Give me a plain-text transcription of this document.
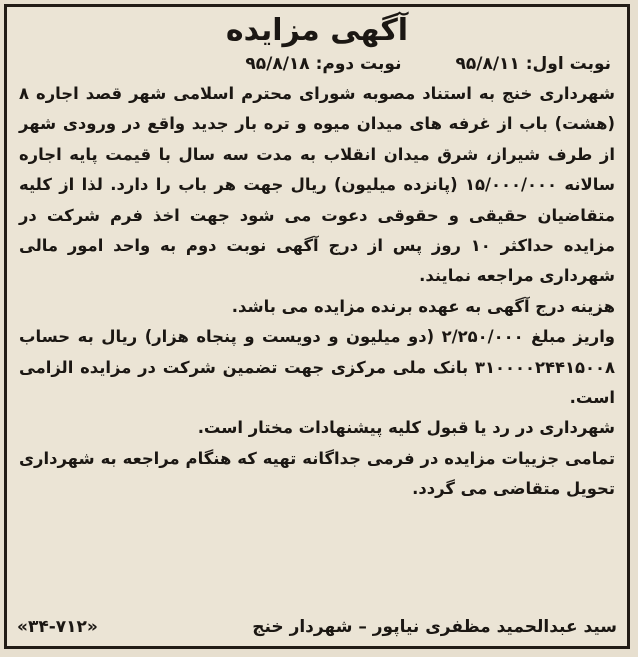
آگهی مزایده
نوبت اول: ۹۵/۸/۱۱
نوبت دوم: ۹۵/۸/۱۸

شهرداری خنج به استناد مصوبه شورای محترم اسلامی شهر قصد اجاره ۸ (هشت) باب از غرفه های میدان میوه و تره بار جدید واقع در ورودی شهر از طرف شیراز، شرق میدان انقلاب به مدت سه سال با قیمت پایه اجاره سالانه ۱۵/۰۰۰/۰۰۰ (پانزده میلیون) ریال جهت هر باب را دارد. لذا از کلیه متقاضیان حقیقی و حقوقی دعوت می شود جهت اخذ فرم شرکت در مزایده حداکثر ۱۰ روز پس از درج آگهی نوبت دوم به واحد امور مالی شهرداری مراجعه نمایند.

هزینه درج آگهی به عهده برنده مزایده می باشد.

واریز مبلغ ۲/۲۵۰/۰۰۰ (دو میلیون و دویست و پنجاه هزار) ریال به حساب ۳۱۰۰۰۰۲۴۴۱۵۰۰۸ بانک ملی مرکزی جهت تضمین شرکت در مزایده الزامی است.

شهرداری در رد یا قبول کلیه پیشنهادات مختار است.

تمامی جزییات مزایده در فرمی جداگانه تهیه که هنگام مراجعه به شهرداری تحویل متقاضی می گردد.

سید عبدالحمید مظفری نیاپور – شهردار خنج
«۳۴-۷۱۲»
